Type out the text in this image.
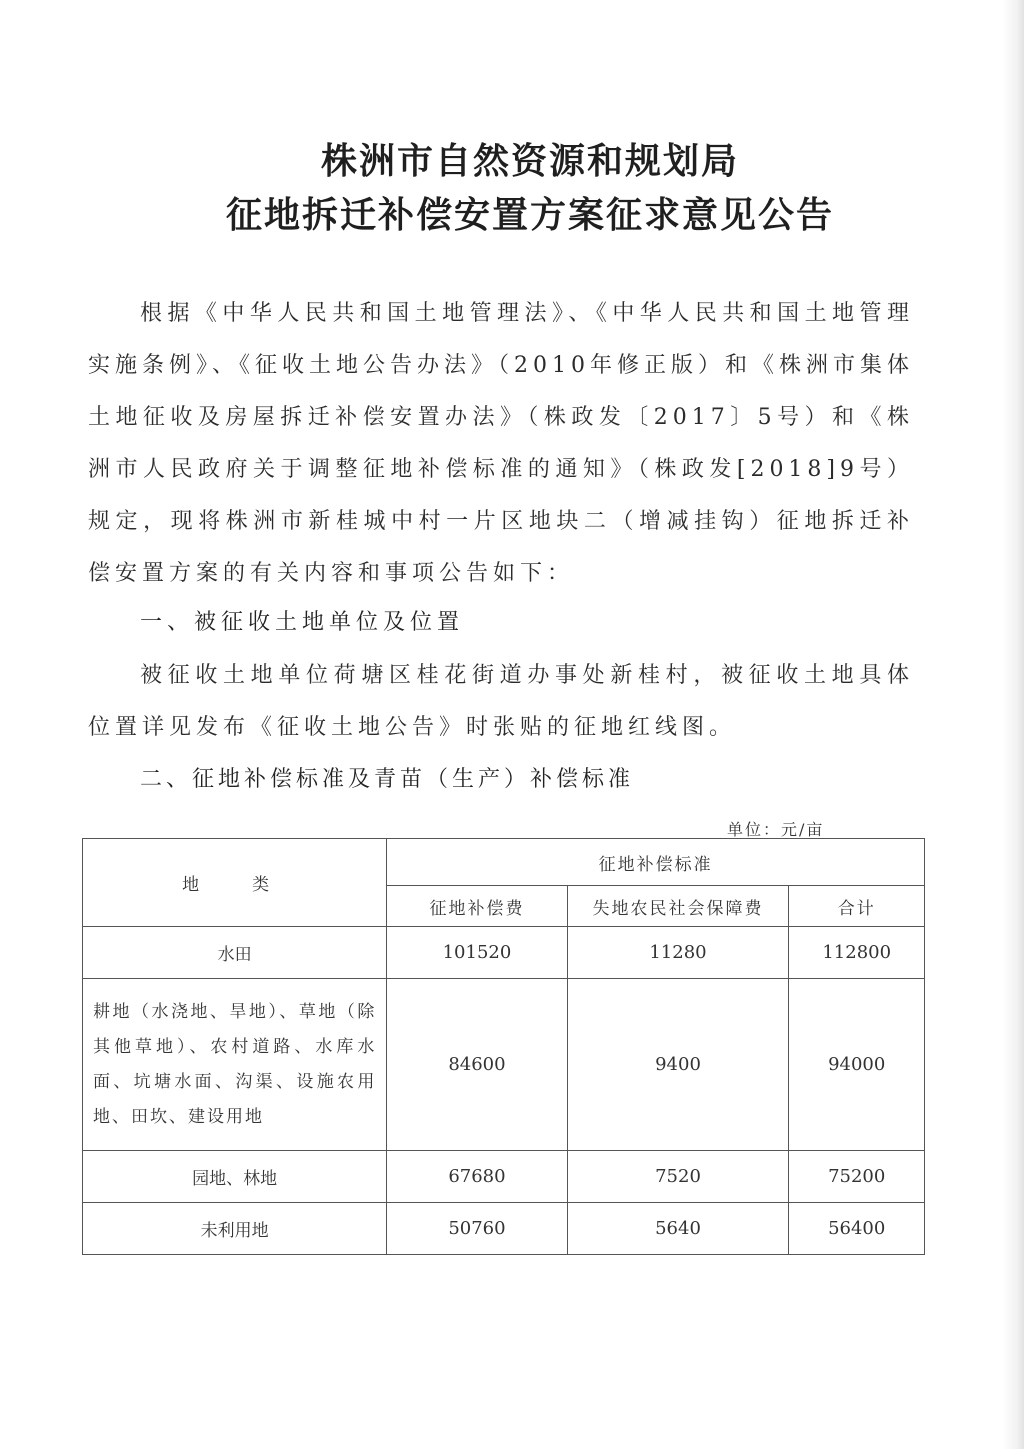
株洲市自然资源和规划局
征地拆迁补偿安置方案征求意见公告
根据《中华人民共和国土地管理法》、《中华人民共和国土地管理实施条例》、《征收土地公告办法》（2010年修正版）和《株洲市集体土地征收及房屋拆迁补偿安置办法》（株政发〔2017〕5号）和《株洲市人民政府关于调整征地补偿标准的通知》（株政发[2018]9号）规定，现将株洲市新桂城中村一片区地块二（增减挂钩）征地拆迁补偿安置方案的有关内容和事项公告如下：
一、被征收土地单位及位置
被征收土地单位荷塘区桂花街道办事处新桂村，被征收土地具体位置详见发布《征收土地公告》时张贴的征地红线图。
二、征地补偿标准及青苗（生产）补偿标准
单位：元/亩
地　类	征地补偿标准		
	征地补偿费	失地农民社会保障费	合计
水田	101520	11280	112800
耕地（水浇地、旱地）、草地（除其他草地）、农村道路、水库水面、坑塘水面、沟渠、设施农用地、田坎、建设用地	84600	9400	94000
园地、林地	67680	7520	75200
未利用地	50760	5640	56400
